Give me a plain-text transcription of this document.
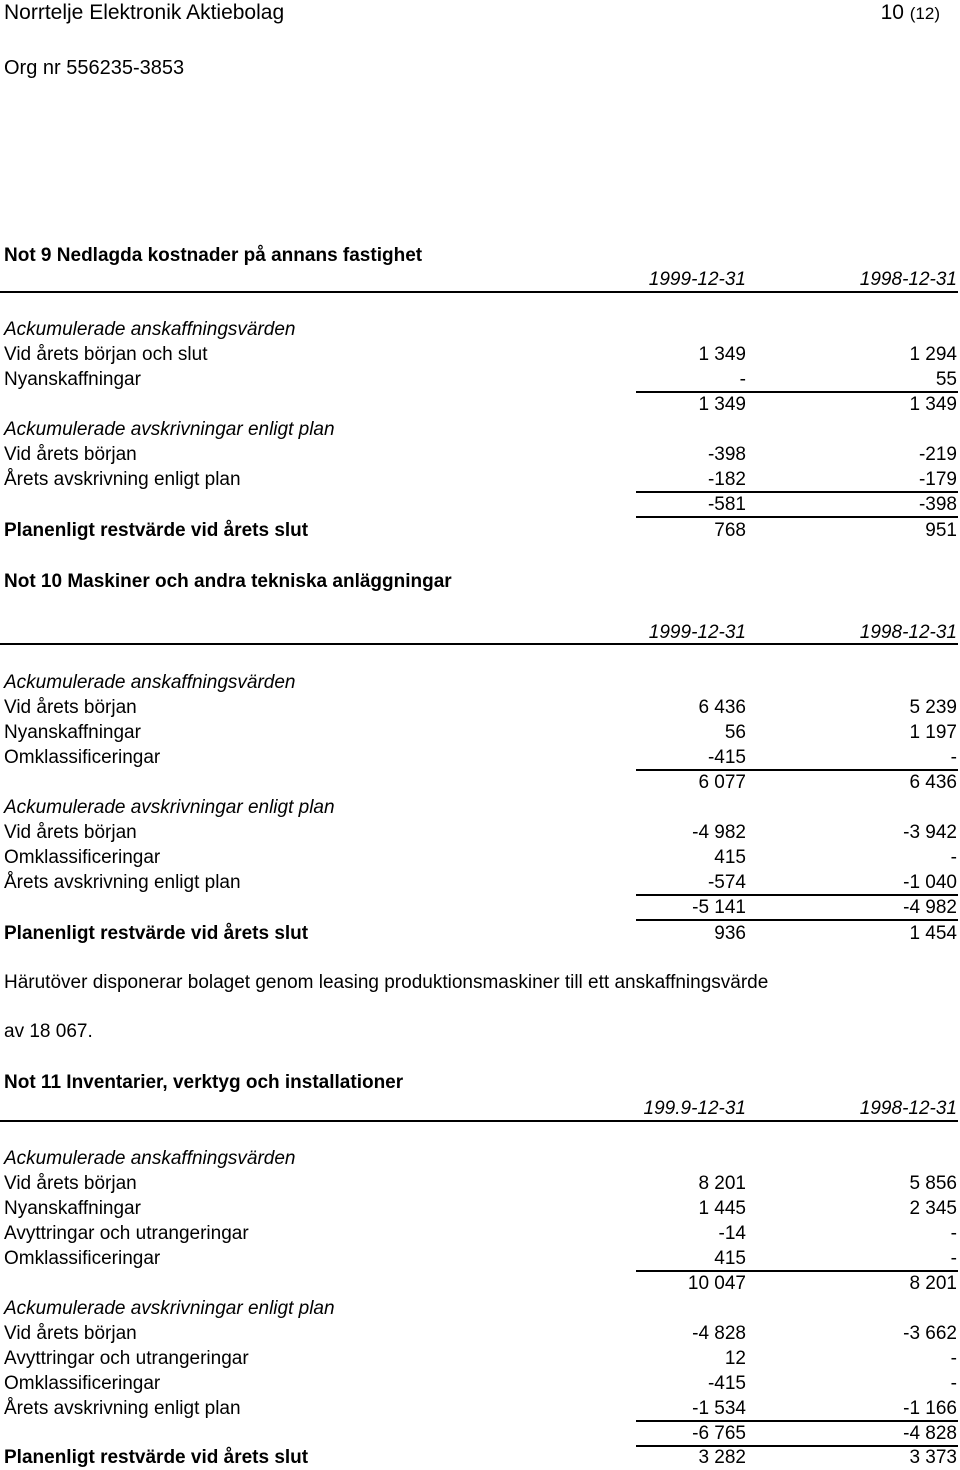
Norrtelje Elektronik Aktiebolag	10 (12)
Org nr 556235-3853
Not 9 Nedlagda kostnader på annans fastighet
1999-12-31	1998-12-31
Ackumulerade anskaffningsvärden
Vid årets början och slut	1 349	1 294
Nyanskaffningar	-	55
1 349	1 349
Ackumulerade avskrivningar enligt plan
Vid årets början	-398	-219
Årets avskrivning enligt plan	-182	-179
-581	-398
Planenligt restvärde vid årets slut	768	951
Not 10 Maskiner och andra tekniska anläggningar
1999-12-31	1998-12-31
Ackumulerade anskaffningsvärden
Vid årets början	6 436	5 239
Nyanskaffningar	56	1 197
Omklassificeringar	-415	-
6 077	6 436
Ackumulerade avskrivningar enligt plan
Vid årets början	-4 982	-3 942
Omklassificeringar	415	-
Årets avskrivning enligt plan	-574	-1 040
-5 141	-4 982
Planenligt restvärde vid årets slut	936	1 454
Härutöver disponerar bolaget genom leasing produktionsmaskiner till ett anskaffningsvärde
av 18 067.
Not 11 Inventarier, verktyg och installationer
199.9-12-31	1998-12-31
Ackumulerade anskaffningsvärden
Vid årets början	8 201	5 856
Nyanskaffningar	1 445	2 345
Avyttringar och utrangeringar	-14	-
Omklassificeringar	415	-
10 047	8 201
Ackumulerade avskrivningar enligt plan
Vid årets början	-4 828	-3 662
Avyttringar och utrangeringar	12	-
Omklassificeringar	-415	-
Årets avskrivning enligt plan	-1 534	-1 166
-6 765	-4 828
Planenligt restvärde vid årets slut	3 282	3 373
